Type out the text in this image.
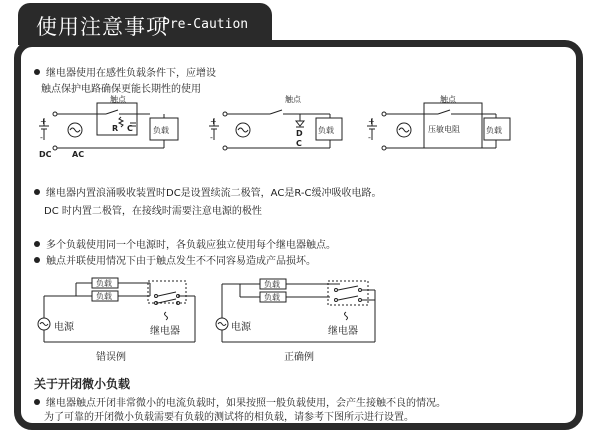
使用注意事项
Pre-Caution
继电器使用在感性负载条件下，应增设
触点保护电路确保更能长期性的使用
+
-
DC	AC
触点
R C	负载
+
-
触点
D
C
负载
+
-
触点
压敏电阻	负载
负载
负载
负载
负载
继电器内置浪涌吸收装置时DC是设置续流二极管，AC是R-C缓冲吸收电路。
DC 时内置二极管，在接线时需要注意电源的极性
多个负载使用同一个电源时，各负载应独立使用每个继电器触点。
触点并联使用情况下由于触点发生不不同容易造成产品损坏。
电源	继电器
错误例
电源	继电器
正确例
关于开闭微小负载
继电器触点开闭非常微小的电流负载时，如果按照一般负载使用，会产生接触不良的情况。
为了可靠的开闭微小负载需要有负载的测试将的相负载，请参考下图所示进行设置。
